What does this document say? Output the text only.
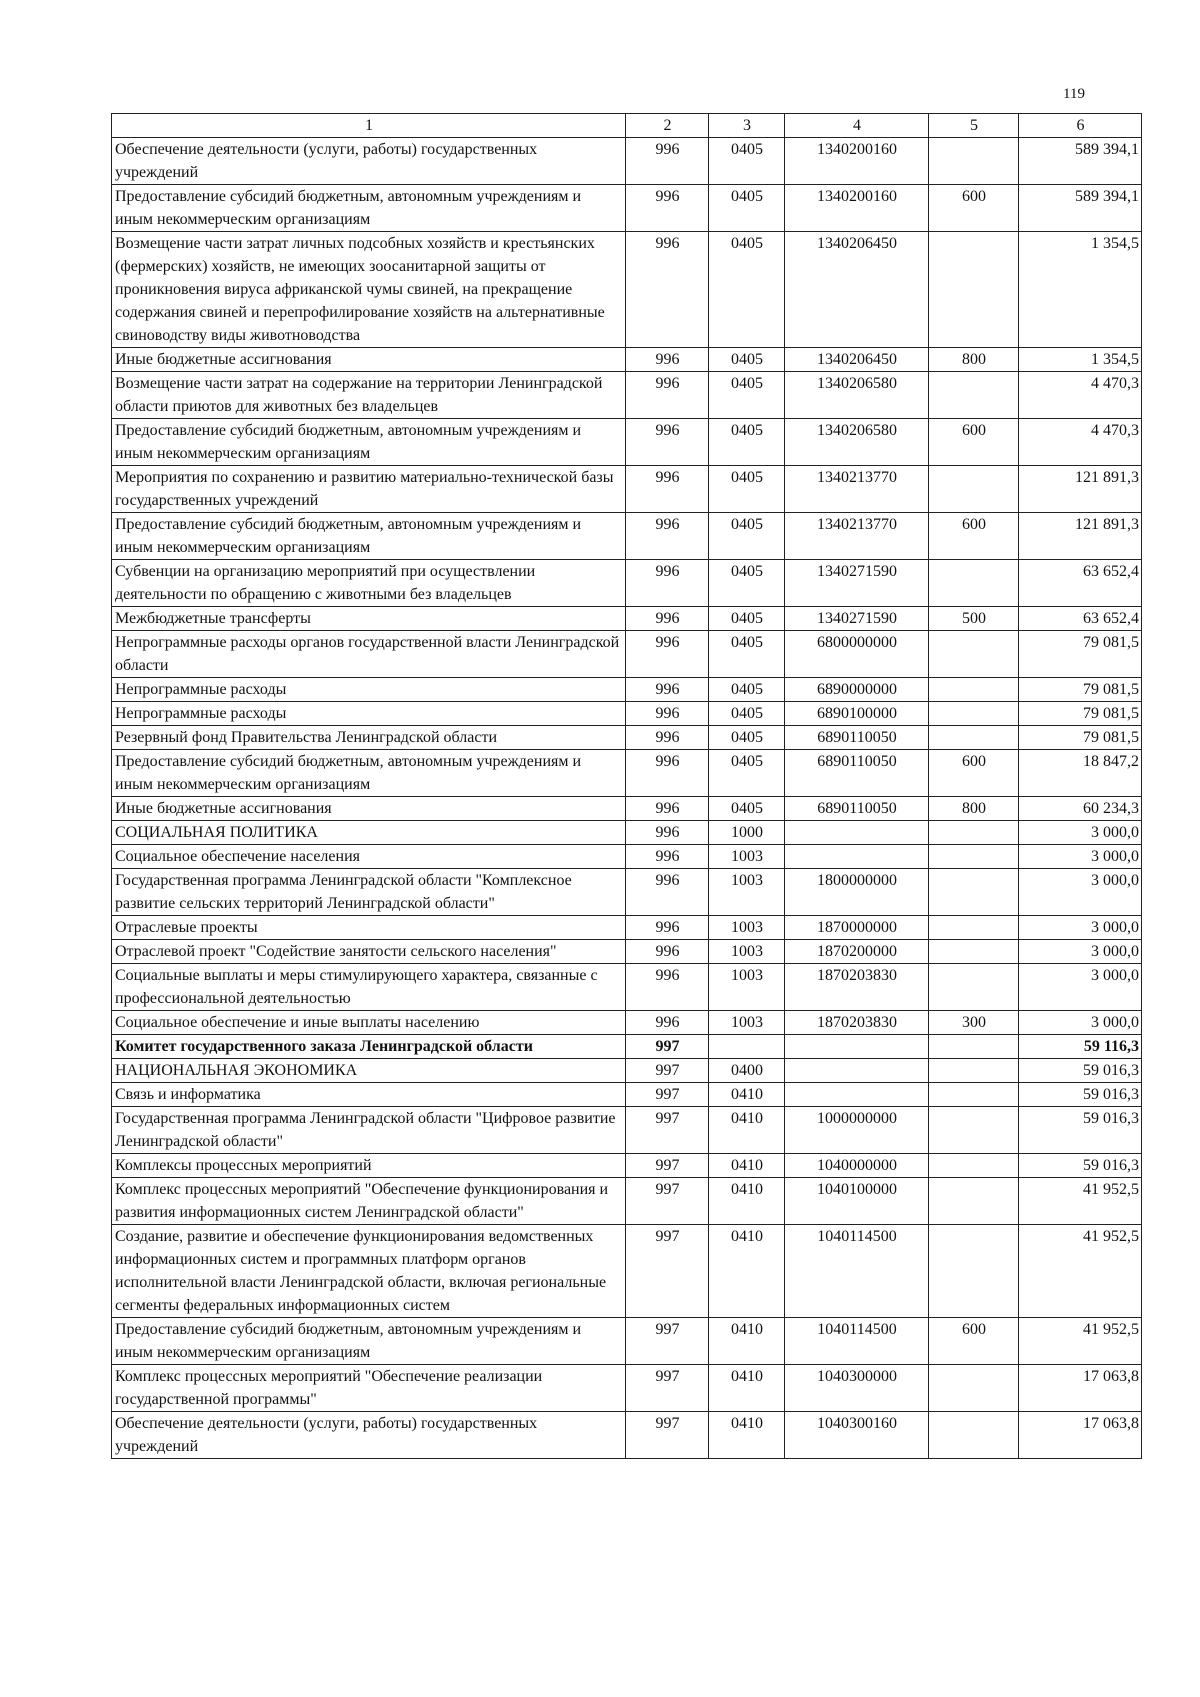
119
1	2	3	4	5	6
Обеспечение деятельности (услуги, работы) государственных учреждений	996	0405	1340200160		589 394,1
Предоставление субсидий бюджетным, автономным учреждениям и иным некоммерческим организациям	996	0405	1340200160	600	589 394,1
Возмещение части затрат личных подсобных хозяйств и крестьянских (фермерских) хозяйств, не имеющих зоосанитарной защиты от проникновения вируса африканской чумы свиней, на прекращение содержания свиней и перепрофилирование хозяйств на альтернативные свиноводству виды животноводства	996	0405	1340206450		1 354,5
Иные бюджетные ассигнования	996	0405	1340206450	800	1 354,5
Возмещение части затрат на содержание на территории Ленинградской области приютов для животных без владельцев	996	0405	1340206580		4 470,3
Предоставление субсидий бюджетным, автономным учреждениям и иным некоммерческим организациям	996	0405	1340206580	600	4 470,3
Мероприятия по сохранению и развитию материально-технической базы государственных учреждений	996	0405	1340213770		121 891,3
Предоставление субсидий бюджетным, автономным учреждениям и иным некоммерческим организациям	996	0405	1340213770	600	121 891,3
Субвенции на организацию мероприятий при осуществлении деятельности по обращению с животными без владельцев	996	0405	1340271590		63 652,4
Межбюджетные трансферты	996	0405	1340271590	500	63 652,4
Непрограммные расходы органов государственной власти Ленинградской области	996	0405	6800000000		79 081,5
Непрограммные расходы	996	0405	6890000000		79 081,5
Непрограммные расходы	996	0405	6890100000		79 081,5
Резервный фонд Правительства Ленинградской области	996	0405	6890110050		79 081,5
Предоставление субсидий бюджетным, автономным учреждениям и иным некоммерческим организациям	996	0405	6890110050	600	18 847,2
Иные бюджетные ассигнования	996	0405	6890110050	800	60 234,3
СОЦИАЛЬНАЯ ПОЛИТИКА	996	1000			3 000,0
Социальное обеспечение населения	996	1003			3 000,0
Государственная программа Ленинградской области "Комплексное развитие сельских территорий Ленинградской области"	996	1003	1800000000		3 000,0
Отраслевые проекты	996	1003	1870000000		3 000,0
Отраслевой проект "Содействие занятости сельского населения"	996	1003	1870200000		3 000,0
Социальные выплаты и меры стимулирующего характера, связанные с профессиональной деятельностью	996	1003	1870203830		3 000,0
Социальное обеспечение и иные выплаты населению	996	1003	1870203830	300	3 000,0
Комитет государственного заказа Ленинградской области	997				59 116,3
НАЦИОНАЛЬНАЯ ЭКОНОМИКА	997	0400			59 016,3
Связь и информатика	997	0410			59 016,3
Государственная программа Ленинградской области "Цифровое развитие Ленинградской области"	997	0410	1000000000		59 016,3
Комплексы процессных мероприятий	997	0410	1040000000		59 016,3
Комплекс процессных мероприятий "Обеспечение функционирования и развития информационных систем Ленинградской области"	997	0410	1040100000		41 952,5
Создание, развитие и обеспечение функционирования ведомственных информационных систем и программных платформ органов исполнительной власти Ленинградской области, включая региональные сегменты федеральных информационных систем	997	0410	1040114500		41 952,5
Предоставление субсидий бюджетным, автономным учреждениям и иным некоммерческим организациям	997	0410	1040114500	600	41 952,5
Комплекс процессных мероприятий "Обеспечение реализации государственной программы"	997	0410	1040300000		17 063,8
Обеспечение деятельности (услуги, работы) государственных учреждений	997	0410	1040300160		17 063,8
